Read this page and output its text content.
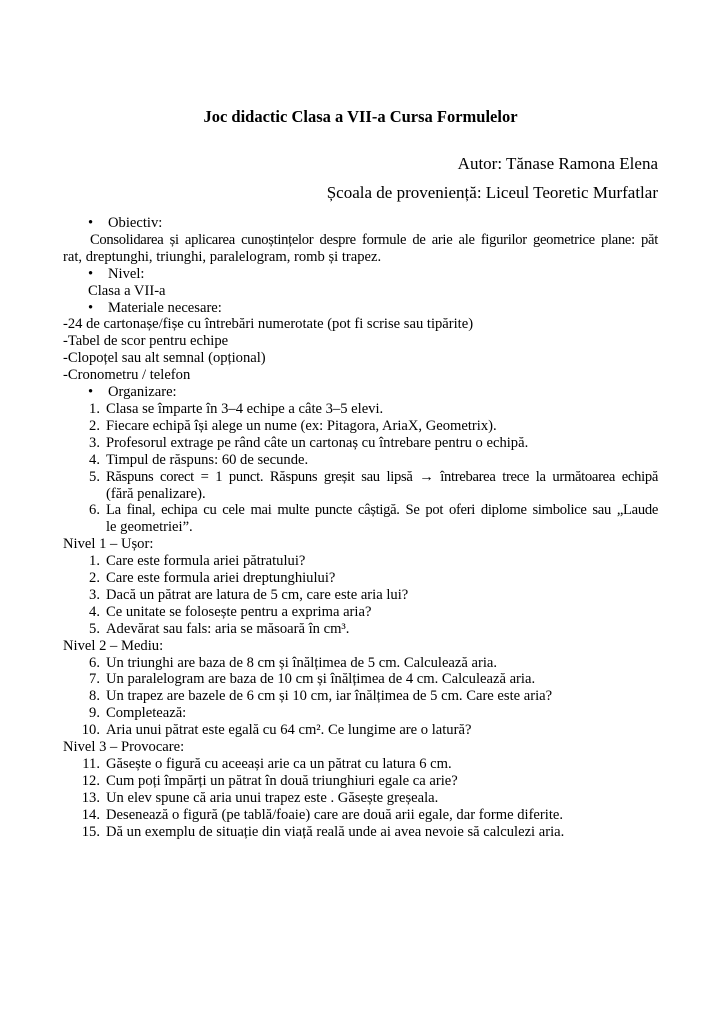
Joc didactic Clasa a VII-a Cursa Formulelor
Autor: Tănase Ramona Elena
Școala de proveniență: Liceul Teoretic Murfatlar
•	Obiectiv:
Consolidarea și aplicarea cunoștințelor despre formule de arie ale figurilor geometrice plane: păt
rat, dreptunghi, triunghi, paralelogram, romb și trapez.
•	Nivel:
Clasa a VII-a
•	Materiale necesare:
-24 de cartonașe/fișe cu întrebări numerotate (pot fi scrise sau tipărite)
-Tabel de scor pentru echipe
-Clopoțel sau alt semnal (opțional)
-Cronometru / telefon
•	Organizare:
1. Clasa se împarte în 3–4 echipe a câte 3–5 elevi.
2. Fiecare echipă își alege un nume (ex: Pitagora, AriaX, Geometrix).
3. Profesorul extrage pe rând câte un cartonaș cu întrebare pentru o echipă.
4. Timpul de răspuns: 60 de secunde.
5. Răspuns corect = 1 punct. Răspuns greșit sau lipsă → întrebarea trece la următoarea echipă
(fără penalizare).
6. La final, echipa cu cele mai multe puncte câștigă. Se pot oferi diplome simbolice sau „Laude
le geometriei”.
Nivel 1 – Ușor:
1. Care este formula ariei pătratului?
2. Care este formula ariei dreptunghiului?
3. Dacă un pătrat are latura de 5 cm, care este aria lui?
4. Ce unitate se folosește pentru a exprima aria?
5. Adevărat sau fals: aria se măsoară în cm³.
Nivel 2 – Mediu:
6. Un triunghi are baza de 8 cm și înălțimea de 5 cm. Calculează aria.
7. Un paralelogram are baza de 10 cm și înălțimea de 4 cm. Calculează aria.
8. Un trapez are bazele de 6 cm și 10 cm, iar înălțimea de 5 cm. Care este aria?
9. Completează:
10. Aria unui pătrat este egală cu 64 cm². Ce lungime are o latură?
Nivel 3 – Provocare:
11. Găsește o figură cu aceeași arie ca un pătrat cu latura 6 cm.
12. Cum poți împărți un pătrat în două triunghiuri egale ca arie?
13. Un elev spune că aria unui trapez este . Găsește greșeala.
14. Desenează o figură (pe tablă/foaie) care are două arii egale, dar forme diferite.
15. Dă un exemplu de situație din viață reală unde ai avea nevoie să calculezi aria.
